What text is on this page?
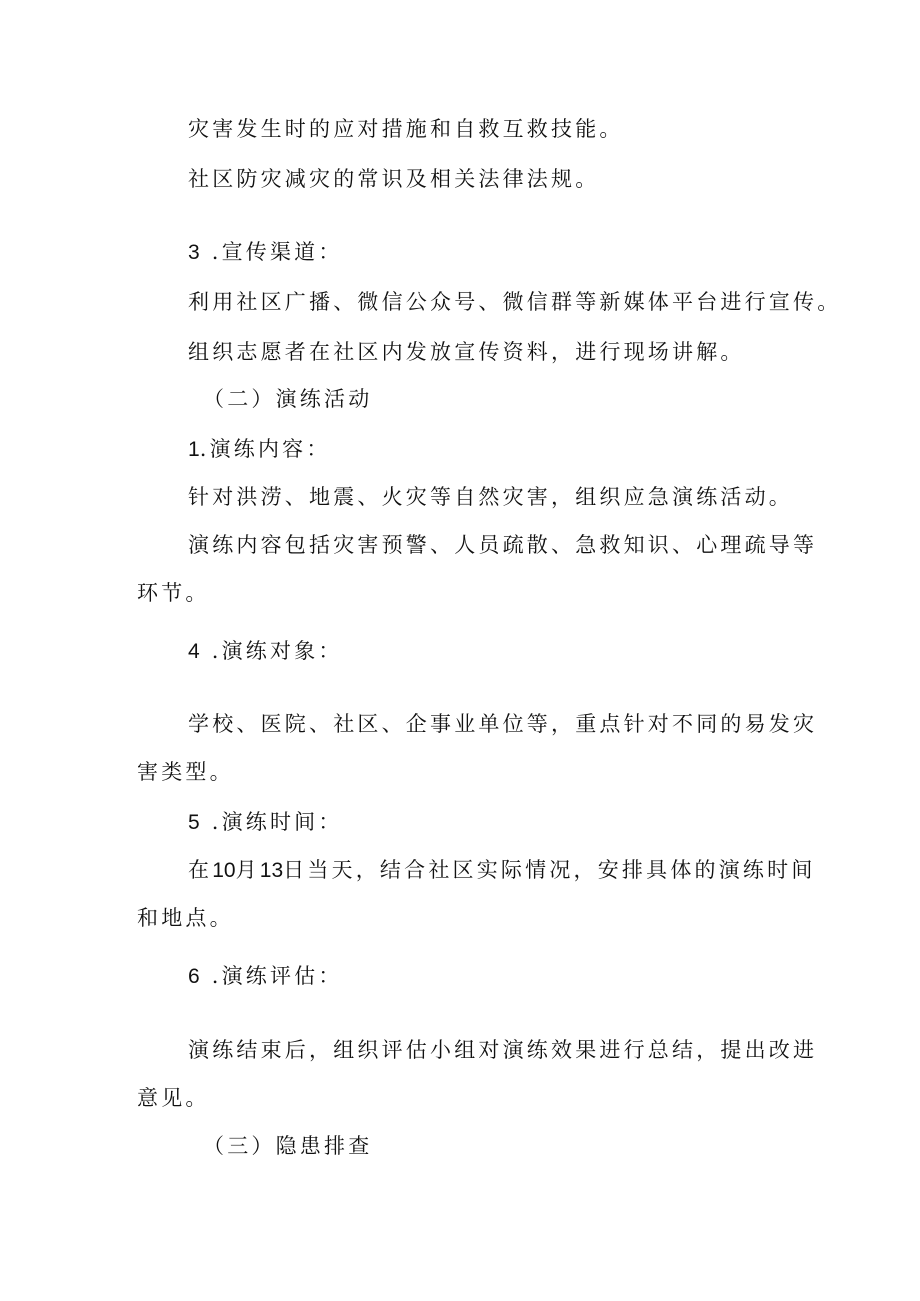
灾害发生时的应对措施和自救互救技能。
社区防灾减灾的常识及相关法律法规。
3 .宣传渠道：
利用社区广播、微信公众号、微信群等新媒体平台进行宣传。
组织志愿者在社区内发放宣传资料，进行现场讲解。
（二）演练活动
1.演练内容：
针对洪涝、地震、火灾等自然灾害，组织应急演练活动。
演练内容包括灾害预警、人员疏散、急救知识、心理疏导等
环节。
4 .演练对象：
学校、医院、社区、企事业单位等，重点针对不同的易发灾
害类型。
5 .演练时间：
在10月13日当天，结合社区实际情况，安排具体的演练时间
和地点。
6 .演练评估：
演练结束后，组织评估小组对演练效果进行总结，提出改进
意见。
（三）隐患排查
